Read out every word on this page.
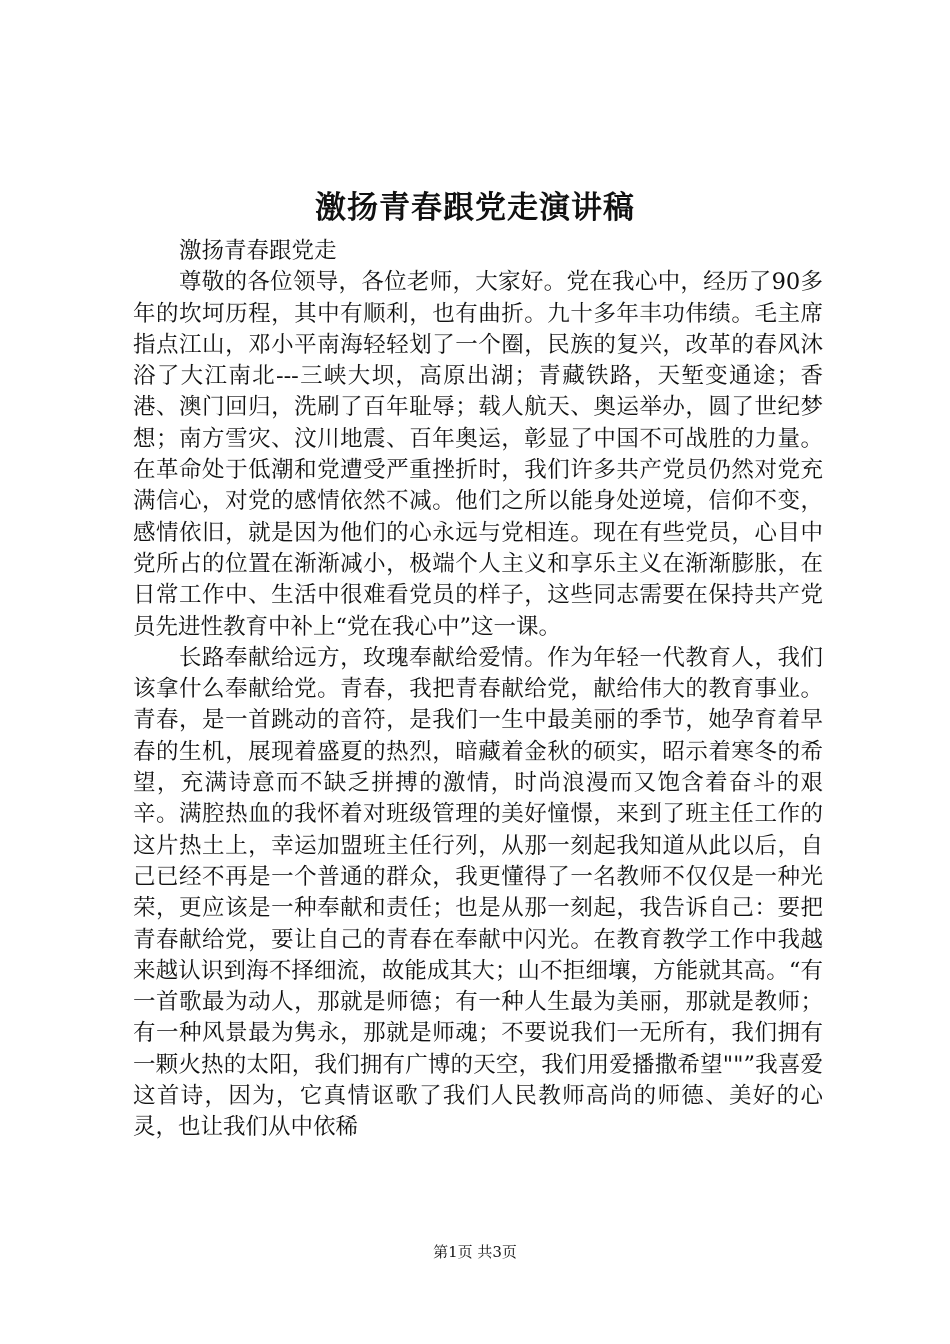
激扬青春跟党走演讲稿
激扬青春跟党走

尊敬的各位领导，各位老师，大家好。党在我心中，经历了90多年的坎坷历程，其中有顺利，也有曲折。九十多年丰功伟绩。毛主席指点江山，邓小平南海轻轻划了一个圈，民族的复兴，改革的春风沐浴了大江南北---三峡大坝，高原出湖；青藏铁路，天堑变通途；香港、澳门回归，洗刷了百年耻辱；载人航天、奥运举办，圆了世纪梦想；南方雪灾、汶川地震、百年奥运，彰显了中国不可战胜的力量。在革命处于低潮和党遭受严重挫折时，我们许多共产党员仍然对党充满信心，对党的感情依然不减。他们之所以能身处逆境，信仰不变，感情依旧，就是因为他们的心永远与党相连。现在有些党员，心目中党所占的位置在渐渐减小，极端个人主义和享乐主义在渐渐膨胀，在日常工作中、生活中很难看党员的样子，这些同志需要在保持共产党员先进性教育中补上“党在我心中”这一课。

长路奉献给远方，玫瑰奉献给爱情。作为年轻一代教育人，我们该拿什么奉献给党。青春，我把青春献给党，献给伟大的教育事业。青春，是一首跳动的音符，是我们一生中最美丽的季节，她孕育着早春的生机，展现着盛夏的热烈，暗藏着金秋的硕实，昭示着寒冬的希望，充满诗意而不缺乏拼搏的激情，时尚浪漫而又饱含着奋斗的艰辛。满腔热血的我怀着对班级管理的美好憧憬，来到了班主任工作的这片热土上，幸运加盟班主任行列，从那一刻起我知道从此以后，自己已经不再是一个普通的群众，我更懂得了一名教师不仅仅是一种光荣，更应该是一种奉献和责任；也是从那一刻起，我告诉自己：要把青春献给党，要让自己的青春在奉献中闪光。在教育教学工作中我越来越认识到海不择细流，故能成其大；山不拒细壤，方能就其高。“有一首歌最为动人，那就是师德；有一种人生最为美丽，那就是教师；有一种风景最为隽永，那就是师魂；不要说我们一无所有，我们拥有一颗火热的太阳，我们拥有广博的天空，我们用爱播撒希望""”我喜爱这首诗，因为，它真情讴歌了我们人民教师高尚的师德、美好的心灵，也让我们从中依稀

第1页 共3页
